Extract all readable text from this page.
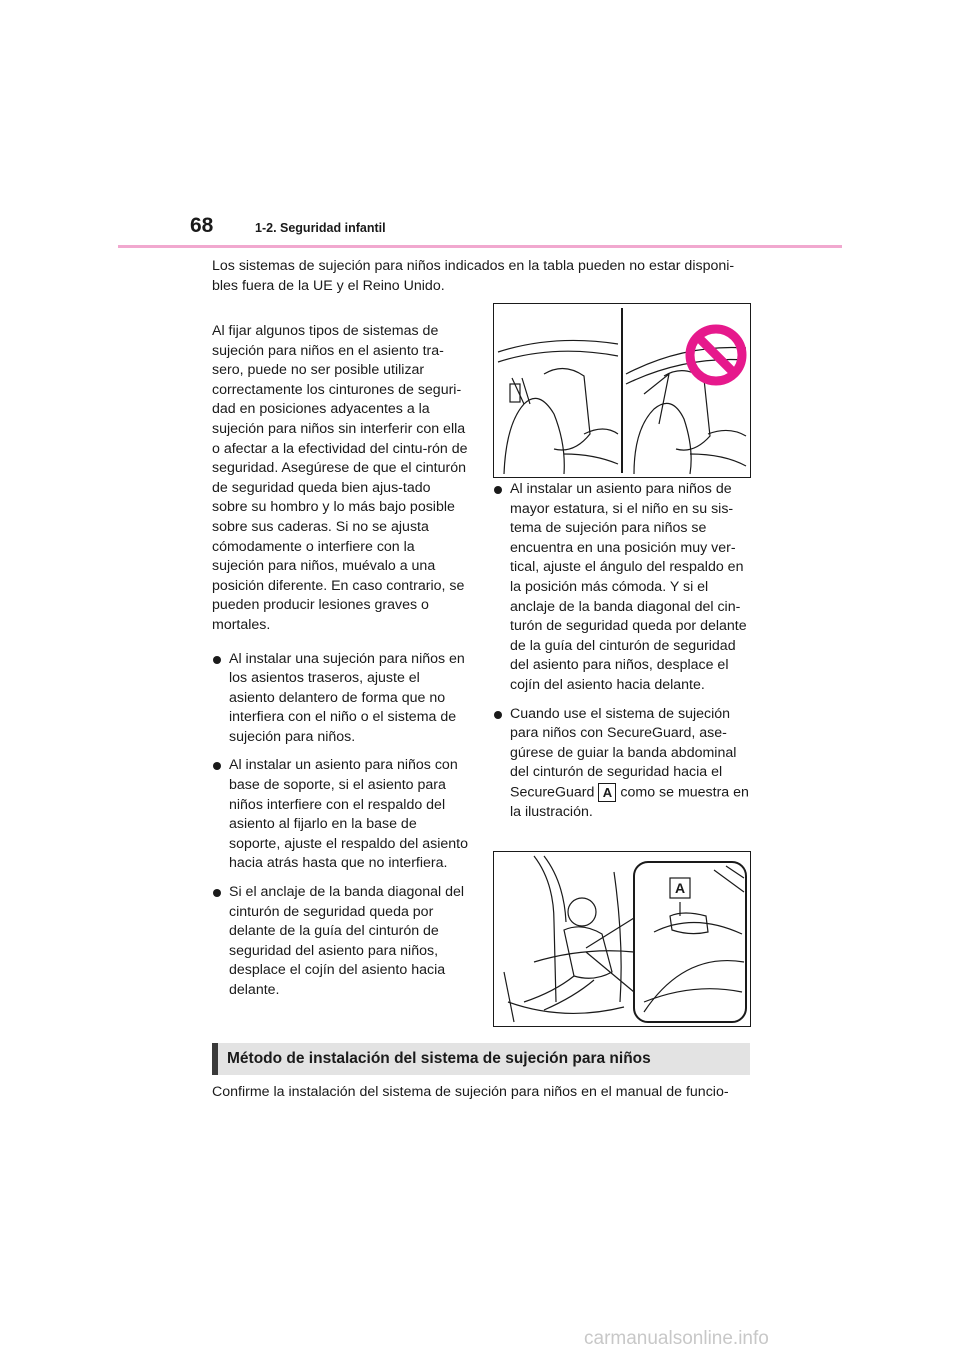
68	1-2. Seguridad infantil

Los sistemas de sujeción para niños indicados en la tabla pueden no estar disponi-bles fuera de la UE y el Reino Unido.

Al fijar algunos tipos de sistemas de sujeción para niños en el asiento tra-sero, puede no ser posible utilizar correctamente los cinturones de seguri-dad en posiciones adyacentes a la sujeción para niños sin interferir con ella o afectar a la efectividad del cintu-rón de seguridad. Asegúrese de que el cinturón de seguridad queda bien ajus-tado sobre su hombro y lo más bajo posible sobre sus caderas. Si no se ajusta cómodamente o interfiere con la sujeción para niños, muévalo a una posición diferente. En caso contrario, se pueden producir lesiones graves o mortales.

Al instalar una sujeción para niños en los asientos traseros, ajuste el asiento delantero de forma que no interfiera con el niño o el sistema de sujeción para niños.
Al instalar un asiento para niños con base de soporte, si el asiento para niños interfiere con el respaldo del asiento al fijarlo en la base de soporte, ajuste el respaldo del asiento hacia atrás hasta que no interfiera.
Si el anclaje de la banda diagonal del cinturón de seguridad queda por delante de la guía del cinturón de seguridad del asiento para niños, desplace el cojín del asiento hacia delante.
Al instalar un asiento para niños de mayor estatura, si el niño en su sis-tema de sujeción para niños se encuentra en una posición muy ver-tical, ajuste el ángulo del respaldo en la posición más cómoda. Y si el anclaje de la banda diagonal del cin-turón de seguridad queda por delante de la guía del cinturón de seguridad del asiento para niños, desplace el cojín del asiento hacia delante.
Cuando use el sistema de sujeción para niños con SecureGuard, ase-gúrese de guiar la banda abdominal del cinturón de seguridad hacia el SecureGuard A como se muestra en la ilustración.
A
Método de instalación del sistema de sujeción para niños

Confirme la instalación del sistema de sujeción para niños en el manual de funcio-

carmanualsonline.info
